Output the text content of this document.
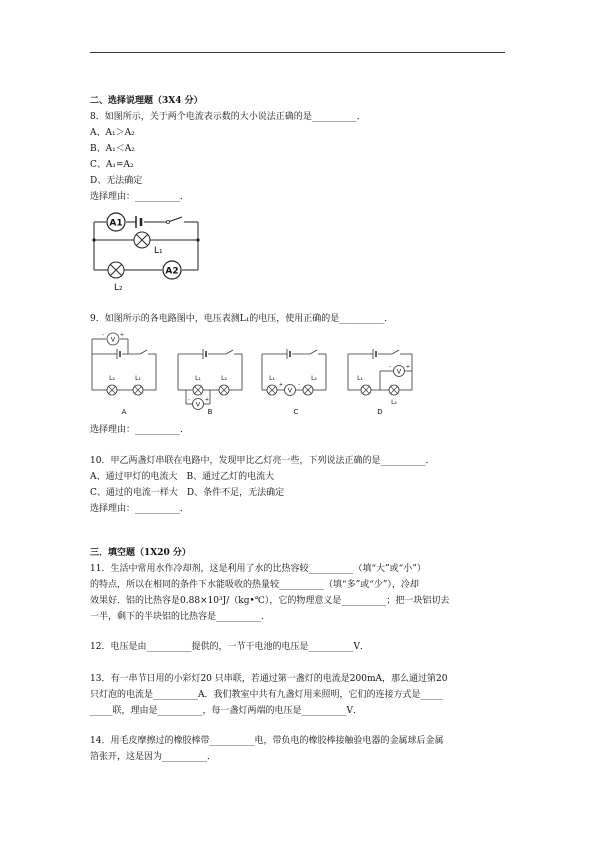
二、选择说理题（3X4 分）
8．如图所示，关于两个电流表示数的大小说法正确的是__________．
A、A₁＞A₂
B、A₁＜A₂
C、A₁=A₂
D、无法确定
选择理由：__________．
A1
L₁
L₂
A2
9．如图所示的各电路图中，电压表测L₁的电压，使用正确的是__________．
V
-	+
L₂	L₁
A
V
-	+
L₁	L₂
B
V
+	-
L₁	L₂
C
V
-	+
L₁
L₂
D
选择理由：__________．
10．甲乙两盏灯串联在电路中，发现甲比乙灯亮一些，下列说法正确的是__________．
A、通过甲灯的电流大　B、通过乙灯的电流大
C、通过的电流一样大　D、条件不足，无法确定
选择理由：__________．
三．填空题（1X20 分）
11．生活中常用水作冷却剂，这是利用了水的比热容较__________（填“大”或“小”）
的特点，所以在相同的条件下水能吸收的热量较__________（填“多”或“少”），冷却
效果好．铝的比热容是0.88×10³J/（kg•℃），它的物理意义是__________；把一块铝切去
一半，剩下的半块铝的比热容是__________．
12．电压是由__________提供的，一节干电池的电压是__________V．
13．有一串节日用的小彩灯20 只串联，若通过第一盏灯的电流是200mA，那么通过第20
只灯泡的电流是__________A．我们教室中共有九盏灯用来照明，它们的连接方式是_____
_____联，理由是__________，每一盏灯两端的电压是__________V．
14．用毛皮摩擦过的橡胶棒带__________电，带负电的橡胶棒接触验电器的金属球后金属
箔张开，这是因为__________．
